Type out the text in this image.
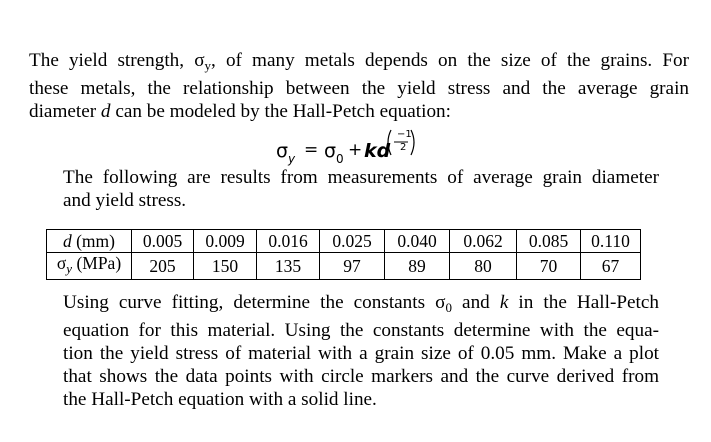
The yield strength, $\sigma_y$, of many metals depends on the size of the grains. For
these metals, the relationship between the yield stress and the average grain
diameter d can be modeled by the Hall-Petch equation:
σ y = σ 0 + kd
−1
2
The following are results from measurements of average grain diameter
and yield stress.
d (mm)	0.005	0.009	0.016	0.025	0.040	0.062	0.085	0.110
$\sigma_y$ (MPa)	205	150	135	97	89	80	70	67
Using curve fitting, determine the constants $\sigma_0$ and k in the Hall-Petch
equation for this material. Using the constants determine with the equa-
tion the yield stress of material with a grain size of 0.05 mm. Make a plot
that shows the data points with circle markers and the curve derived from
the Hall-Petch equation with a solid line.
